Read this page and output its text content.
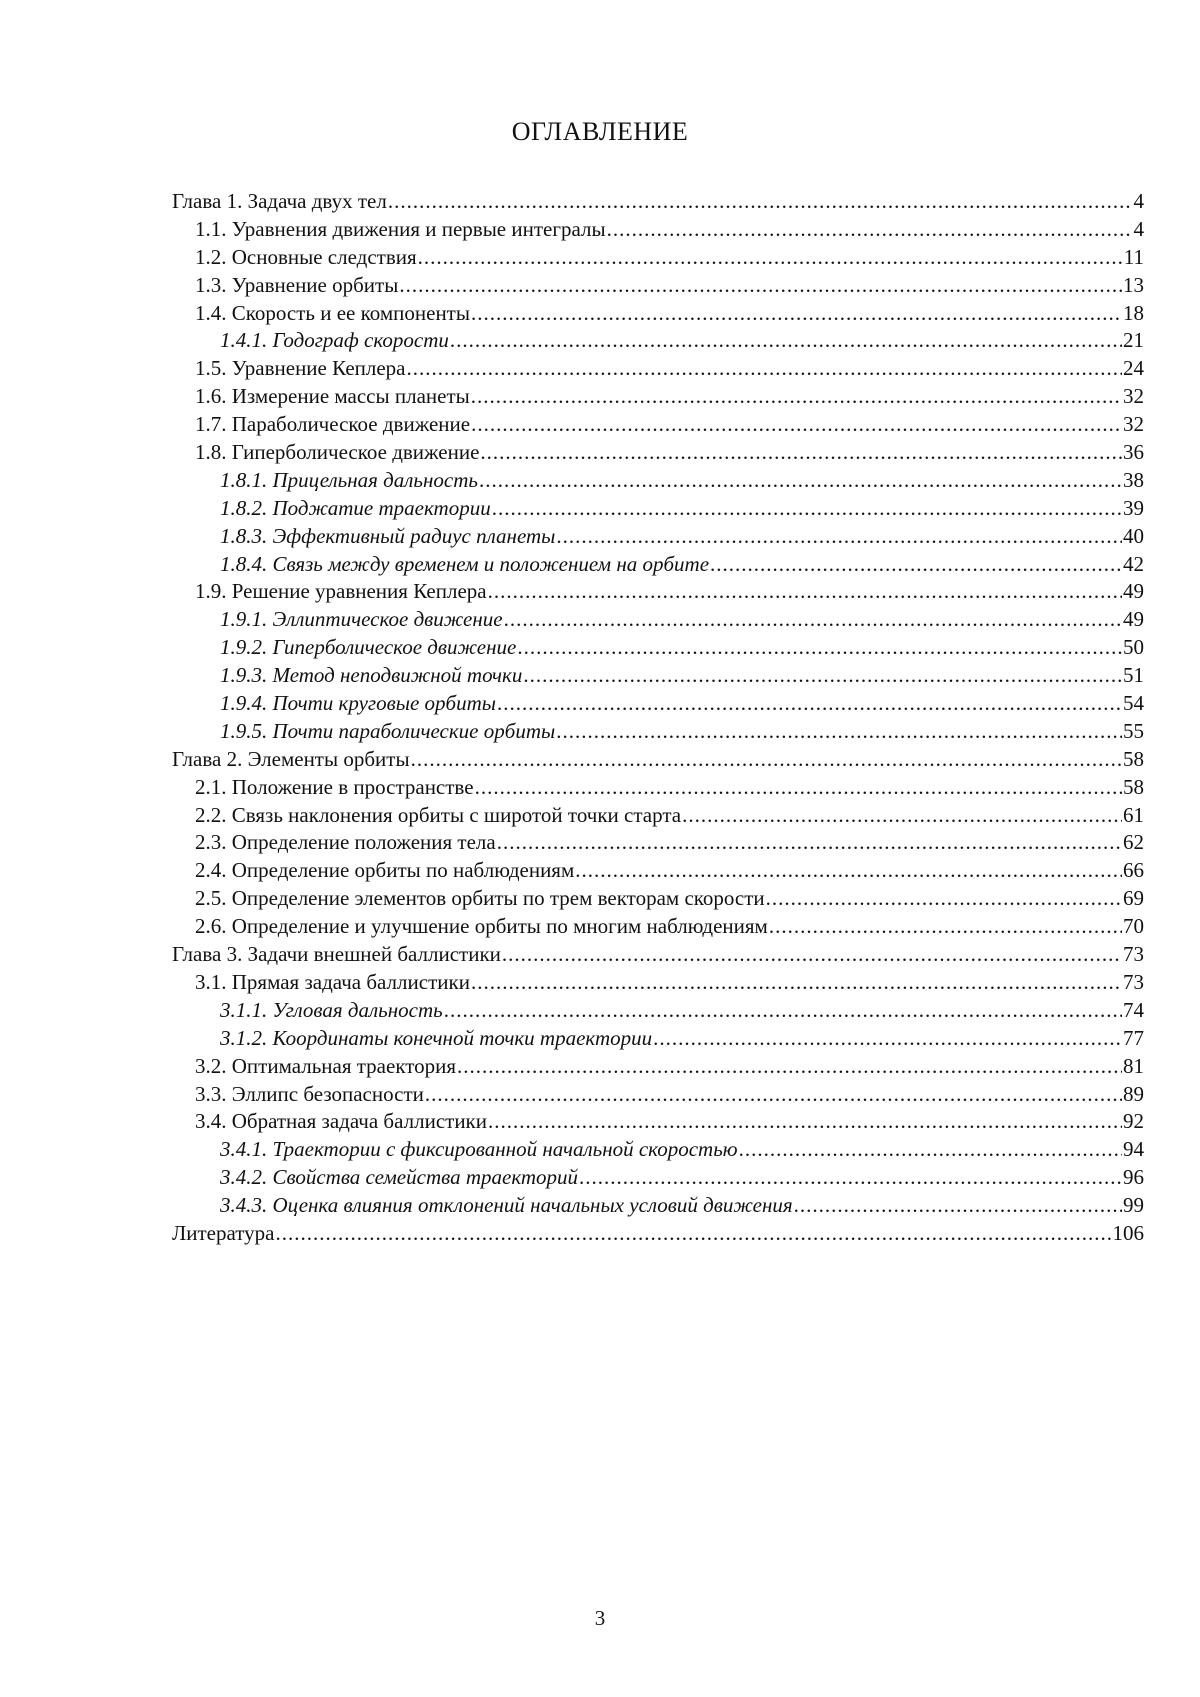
ОГЛАВЛЕНИЕ
Глава 1. Задача двух тел .....	4
1.1. Уравнения движения и первые интегралы .....	4
1.2. Основные следствия .....	11
1.3. Уравнение орбиты .....	13
1.4. Скорость и ее компоненты .....	18
1.4.1. Годограф скорости .....	21
1.5. Уравнение Кеплера .....	24
1.6. Измерение массы планеты .....	32
1.7. Параболическое движение .....	32
1.8. Гиперболическое движение .....	36
1.8.1. Прицельная дальность .....	38
1.8.2. Поджатие траектории .....	39
1.8.3. Эффективный радиус планеты .....	40
1.8.4. Связь между временем и положением на орбите .....	42
1.9. Решение уравнения Кеплера .....	49
1.9.1. Эллиптическое движение .....	49
1.9.2. Гиперболическое движение .....	50
1.9.3. Метод неподвижной точки .....	51
1.9.4. Почти круговые орбиты .....	54
1.9.5. Почти параболические орбиты .....	55
Глава 2. Элементы орбиты .....	58
2.1. Положение в пространстве .....	58
2.2. Связь наклонения орбиты с широтой точки старта .....	61
2.3. Определение положения тела .....	62
2.4. Определение орбиты по наблюдениям .....	66
2.5. Определение элементов орбиты по трем векторам скорости .....	69
2.6. Определение и улучшение орбиты по многим наблюдениям .....	70
Глава 3. Задачи внешней баллистики .....	73
3.1. Прямая задача баллистики .....	73
3.1.1. Угловая дальность .....	74
3.1.2. Координаты конечной точки траектории .....	77
3.2. Оптимальная траектория .....	81
3.3. Эллипс безопасности .....	89
3.4. Обратная задача баллистики .....	92
3.4.1. Траектории с фиксированной начальной скоростью .....	94
3.4.2. Свойства семейства траекторий .....	96
3.4.3. Оценка влияния отклонений начальных условий движения .....	99
Литература .....	106
3
